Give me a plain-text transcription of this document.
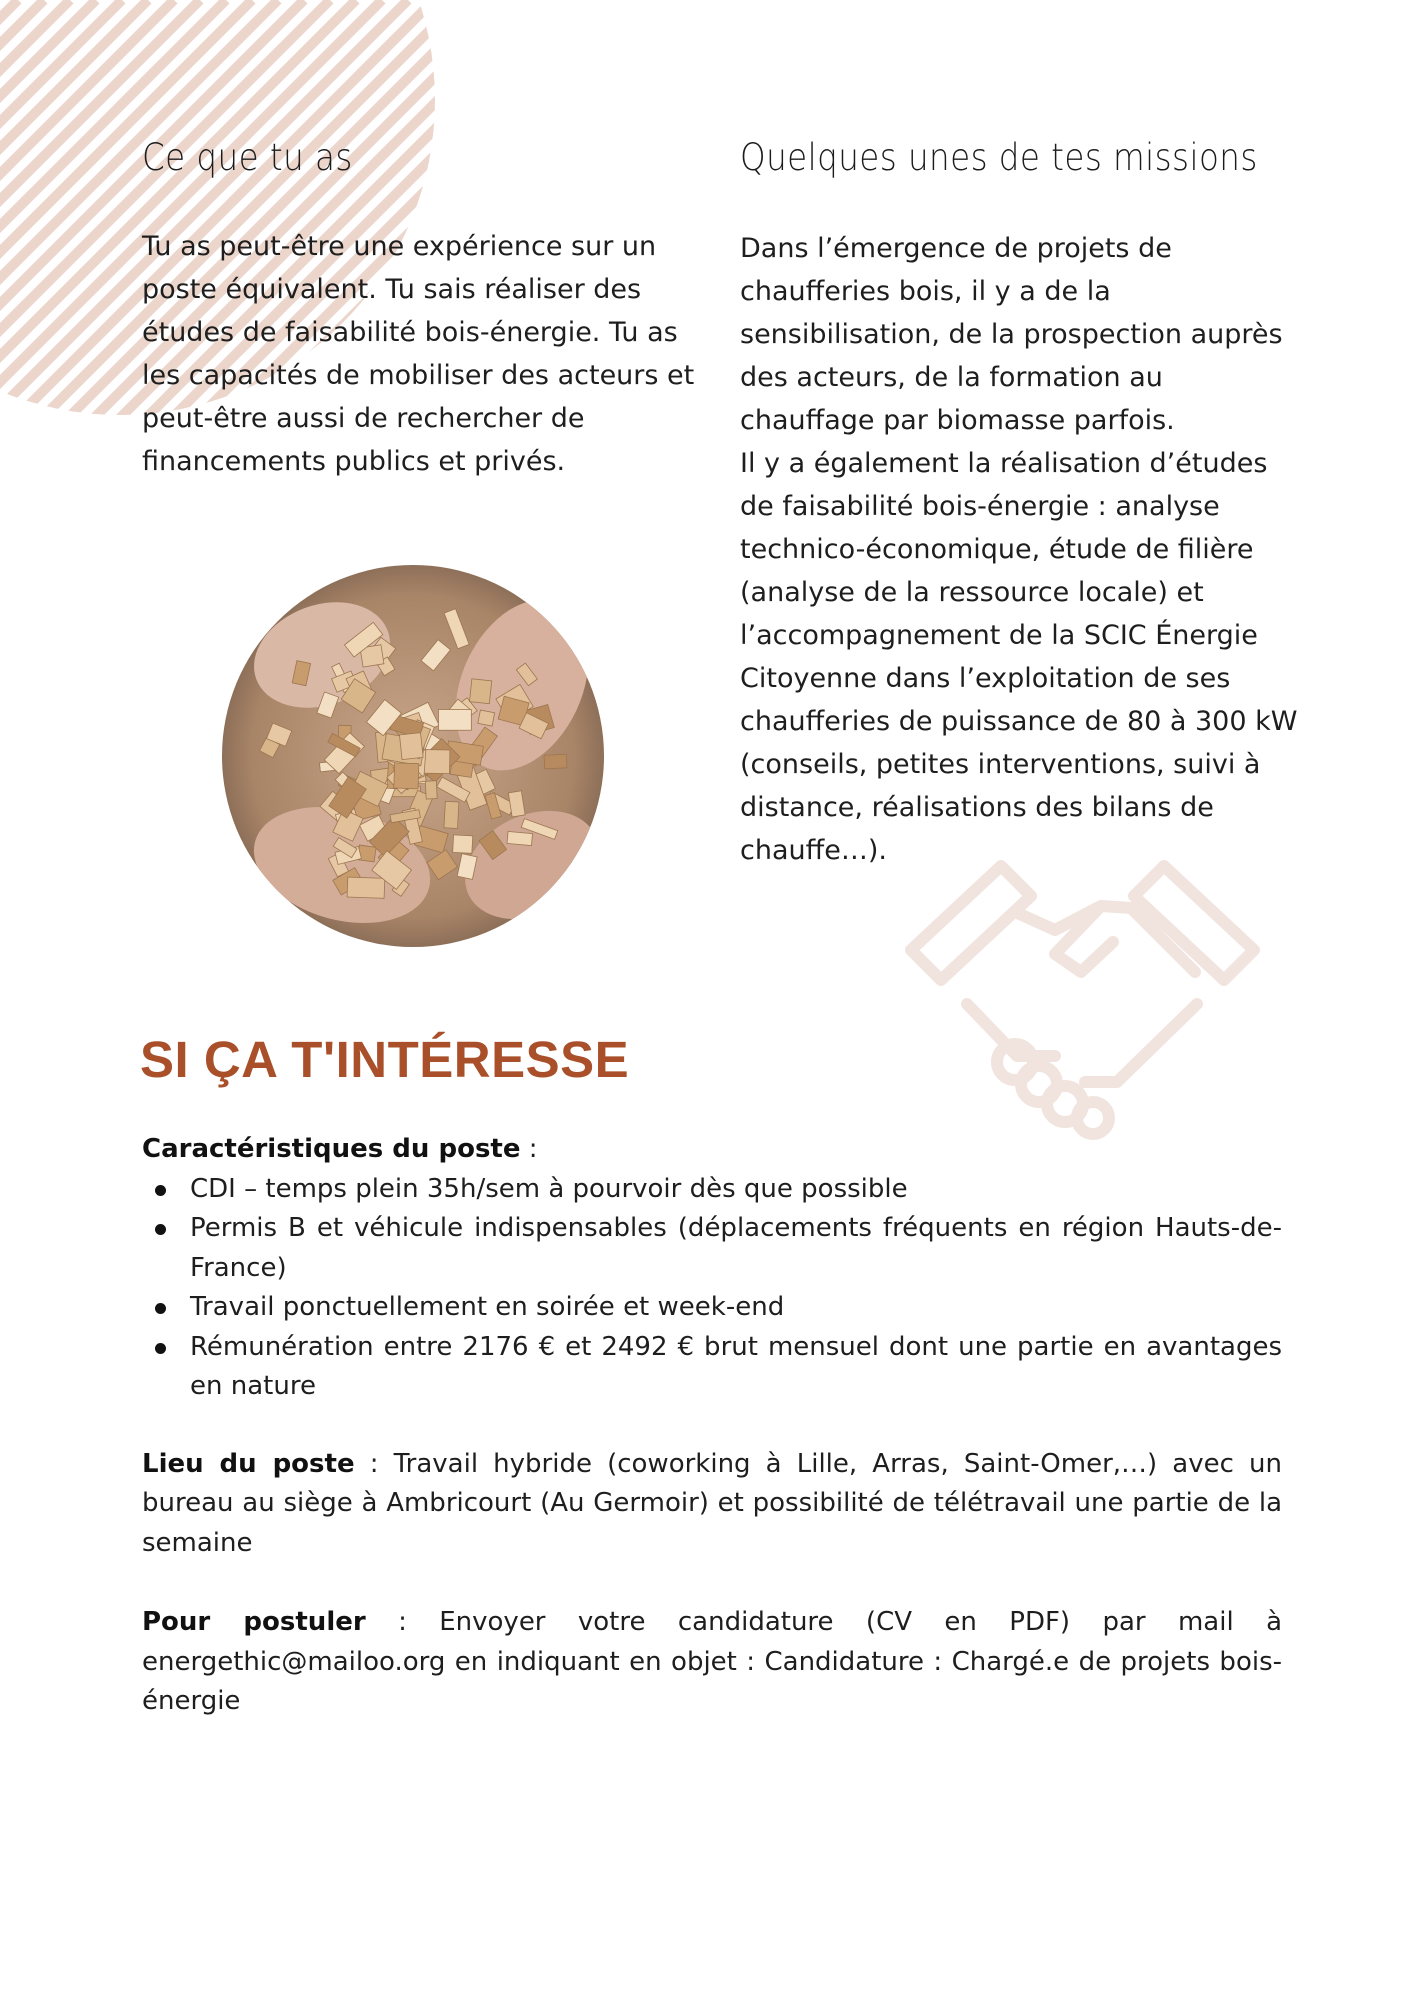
Ce que tu as

Tu as peut-être une expérience sur un poste équivalent. Tu sais réaliser des études de faisabilité bois-énergie. Tu as les capacités de mobiliser des acteurs et peut-être aussi de rechercher de financements publics et privés.

Quelques unes de tes missions
Dans l’émergence de projets de chaufferies bois, il y a de la sensibilisation, de la prospection auprès des acteurs, de la formation au chauffage par biomasse parfois.
Il y a également la réalisation d’études de faisabilité bois-énergie : analyse technico-économique, étude de filière (analyse de la ressource locale) et l’accompagnement de la SCIC Énergie Citoyenne dans l’exploitation de ses chaufferies de puissance de 80 à 300 kW (conseils, petites interventions, suivi à distance, réalisations des bilans de chauffe…).
SI ÇA T'INTÉRESSE

Caractéristiques du poste :

CDI – temps plein 35h/sem à pourvoir dès que possible
Permis B et véhicule indispensables (déplacements fréquents en région Hauts-de-France)
Travail ponctuellement en soirée et week-end
Rémunération entre 2176 € et 2492 € brut mensuel dont une partie en avantages en nature

Lieu du poste : Travail hybride (coworking à Lille, Arras, Saint-Omer,…) avec un bureau au siège à Ambricourt (Au Germoir) et possibilité de télétravail une partie de la semaine

Pour postuler : Envoyer votre candidature (CV en PDF) par mail à energethic@mailoo.org en indiquant en objet : Candidature : Chargé.e de projets bois-énergie
